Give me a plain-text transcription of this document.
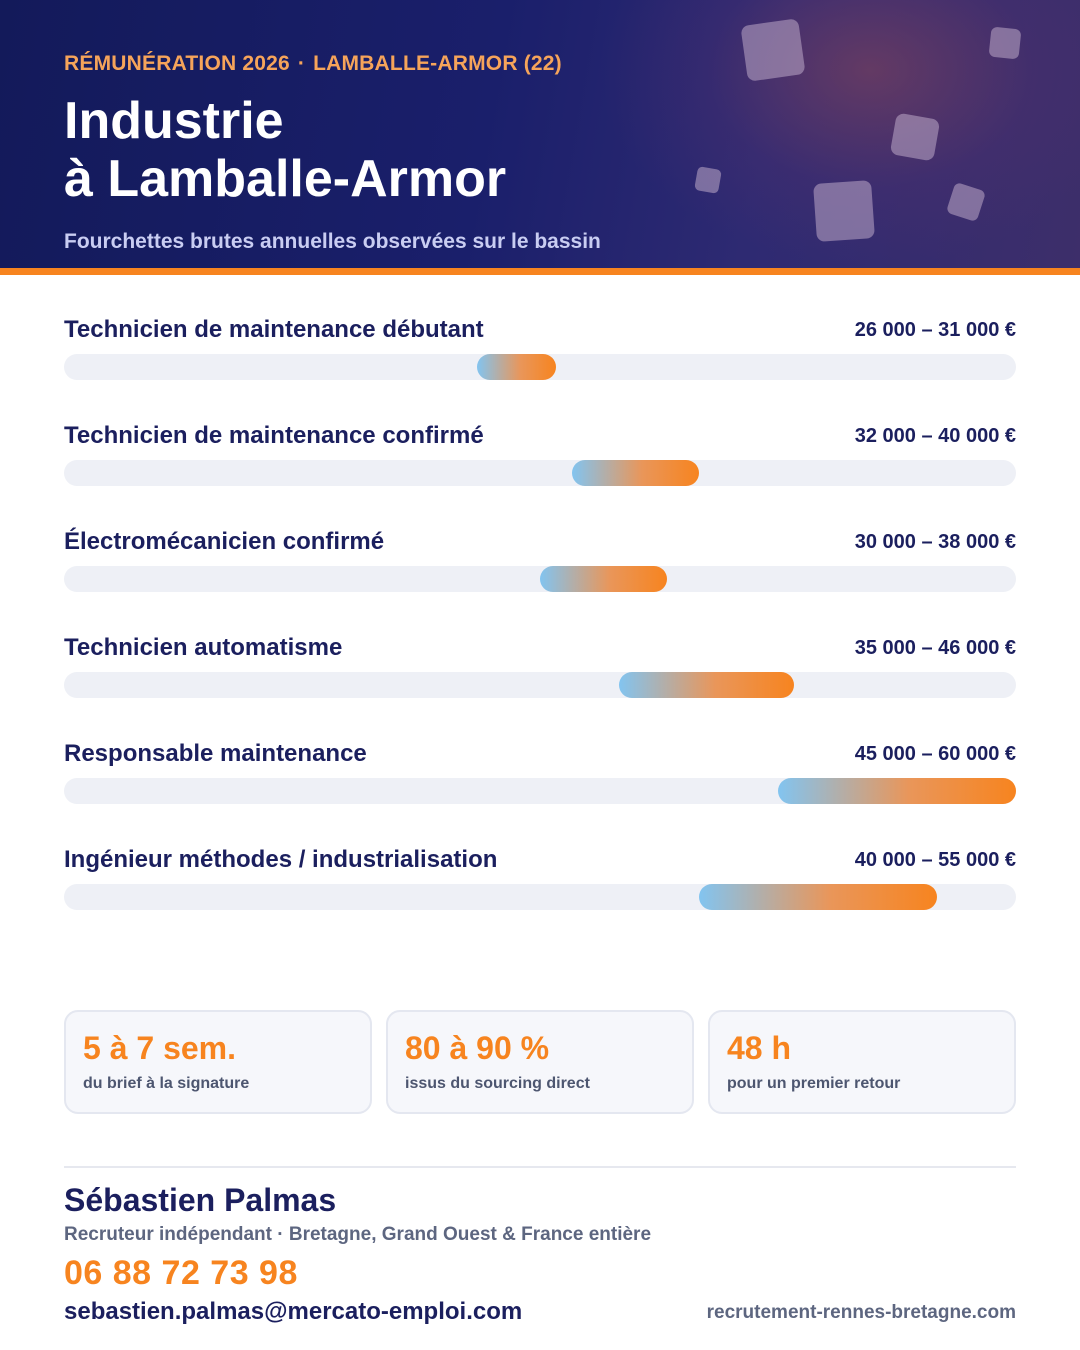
RÉMUNÉRATION 2026 · LAMBALLE-ARMOR (22)
Industrie
à Lamballe-Armor
Fourchettes brutes annuelles observées sur le bassin
Technicien de maintenance débutant	26 000 – 31 000 €
Technicien de maintenance confirmé	32 000 – 40 000 €
Électromécanicien confirmé	30 000 – 38 000 €
Technicien automatisme	35 000 – 46 000 €
Responsable maintenance	45 000 – 60 000 €
Ingénieur méthodes / industrialisation	40 000 – 55 000 €
5 à 7 sem.
du brief à la signature
80 à 90 %
issus du sourcing direct
48 h
pour un premier retour
Sébastien Palmas
Recruteur indépendant · Bretagne, Grand Ouest & France entière
06 88 72 73 98
sebastien.palmas@mercato-emploi.com	recrutement-rennes-bretagne.com
